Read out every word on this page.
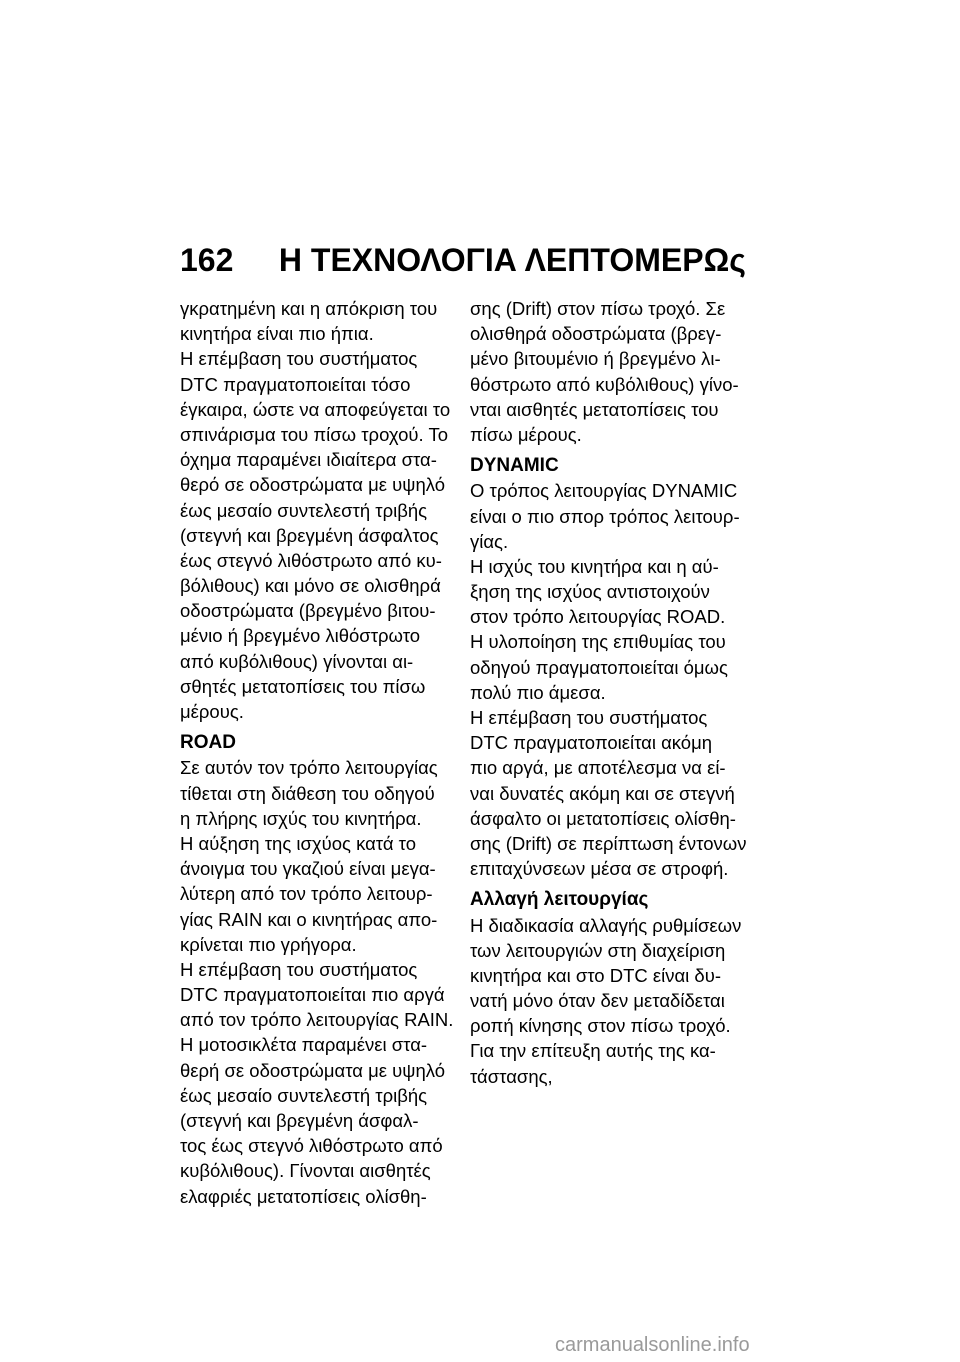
162 Η ΤΕΧΝΟΛΟΓΙΑ ΛΕΠΤΟΜΕΡΩς
γκρατημένη και η απόκριση του
κινητήρα είναι πιο ήπια.
Η επέμβαση του συστήματος
DTC πραγματοποιείται τόσο
έγκαιρα, ώστε να αποφεύγεται το
σπινάρισμα του πίσω τροχού. Το
όχημα παραμένει ιδιαίτερα στα-
θερό σε οδοστρώματα με υψηλό
έως μεσαίο συντελεστή τριβής
(στεγνή και βρεγμένη άσφαλτος
έως στεγνό λιθόστρωτο από κυ-
βόλιθους) και μόνο σε ολισθηρά
οδοστρώματα (βρεγμένο βιτου-
μένιο ή βρεγμένο λιθόστρωτο
από κυβόλιθους) γίνονται αι-
σθητές μετατοπίσεις του πίσω
μέρους.
ROAD
Σε αυτόν τον τρόπο λειτουργίας
τίθεται στη διάθεση του οδηγού
η πλήρης ισχύς του κινητήρα.
Η αύξηση της ισχύος κατά το
άνοιγμα του γκαζιού είναι μεγα-
λύτερη από τον τρόπο λειτουρ-
γίας RAIN και ο κινητήρας απο-
κρίνεται πιο γρήγορα.
Η επέμβαση του συστήματος
DTC πραγματοποιείται πιο αργά
από τον τρόπο λειτουργίας RAIN.
Η μοτοσικλέτα παραμένει στα-
θερή σε οδοστρώματα με υψηλό
έως μεσαίο συντελεστή τριβής
(στεγνή και βρεγμένη άσφαλ-
τος έως στεγνό λιθόστρωτο από
κυβόλιθους). Γίνονται αισθητές
ελαφριές μετατοπίσεις ολίσθη-
σης (Drift) στον πίσω τροχό. Σε
ολισθηρά οδοστρώματα (βρεγ-
μένο βιτουμένιο ή βρεγμένο λι-
θόστρωτο από κυβόλιθους) γίνο-
νται αισθητές μετατοπίσεις του
πίσω μέρους.
DYNAMIC
Ο τρόπος λειτουργίας DYNAMIC
είναι ο πιο σπορ τρόπος λειτουρ-
γίας.
Η ισχύς του κινητήρα και η αύ-
ξηση της ισχύος αντιστοιχούν
στον τρόπο λειτουργίας ROAD.
Η υλοποίηση της επιθυμίας του
οδηγού πραγματοποιείται όμως
πολύ πιο άμεσα.
Η επέμβαση του συστήματος
DTC πραγματοποιείται ακόμη
πιο αργά, με αποτέλεσμα να εί-
ναι δυνατές ακόμη και σε στεγνή
άσφαλτο οι μετατοπίσεις ολίσθη-
σης (Drift) σε περίπτωση έντονων
επιταχύνσεων μέσα σε στροφή.
Αλλαγή λειτουργίας
Η διαδικασία αλλαγής ρυθμίσεων
των λειτουργιών στη διαχείριση
κινητήρα και στο DTC είναι δυ-
νατή μόνο όταν δεν μεταδίδεται
ροπή κίνησης στον πίσω τροχό.
Για την επίτευξη αυτής της κα-
τάστασης,
carmanualsonline.info
